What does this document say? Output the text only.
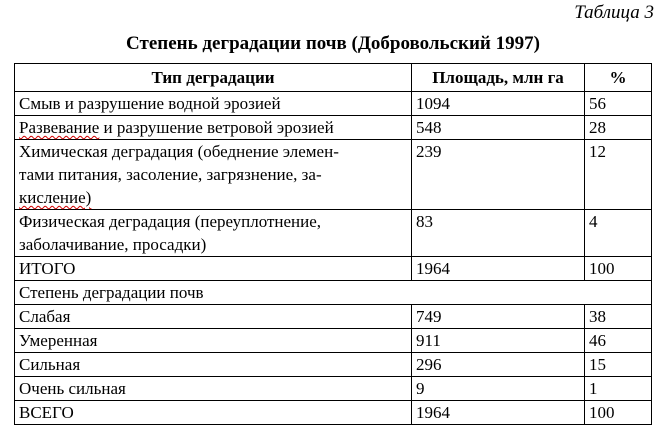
Таблица 3
Степень деградации почв (Добровольский 1997)
Тип деградации	Площадь, млн га	%
Смыв и разрушение водной эрозией	1094	56
Развевание и разрушение ветровой эрозией	548	28

Химическая деградация (обеднение элемен-
тами питания, засоление, загрязнение, за-
кисление)	239	12

Физическая деградация (переуплотнение,
заболачивание, просадки)	83	4
ИТОГО	1964	100
Степень деградации почв		
Слабая	749	38
Умеренная	911	46
Сильная	296	15
Очень сильная	9	1
ВСЕГО	1964	100
